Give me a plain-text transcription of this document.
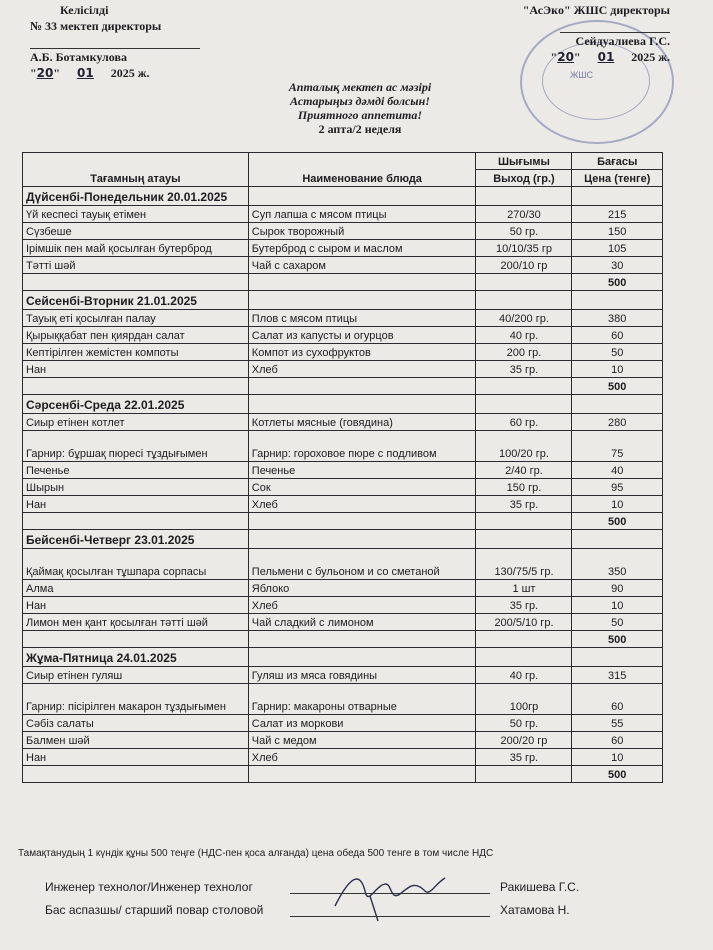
Келісілді
№ 33 мектеп директоры
А.Б. Ботамкулова
"20" 01 2025 ж.	ЖШС
"АсЭко" ЖШС директоры
Сейдуалиева Г.С.
"20" 01 2025 ж.
Апталық мектеп ас мәзірі
Астарыңыз дәмді болсын!
Приятного аппетита!
2 апта/2 неделя
Тағамның атауы	Наименование блюда	Шығымы	Бағасы
		Выход (гр.)	Цена (тенге)
Дүйсенбі-Понедельник 20.01.2025			
Үй кеспесі тауық етімен	Суп лапша с мясом птицы	270/30	215
Сүзбеше	Сырок творожный	50 гр.	150
Ірімшік пен май қосылған бутерброд	Бутерброд с сыром и маслом	10/10/35 гр	105
Тәтті шәй	Чай с сахаром	200/10 гр	30
			500
Сейсенбі-Вторник 21.01.2025			
Тауық еті қосылған палау	Плов с мясом птицы	40/200 гр.	380
Қырыққабат пен қиярдан салат	Салат из капусты и огурцов	40 гр.	60
Кептірілген жемістен компоты	Компот из сухофруктов	200 гр.	50
Нан	Хлеб	35 гр.	10
			500
Сәрсенбі-Среда 22.01.2025			
Сиыр етінен котлет	Котлеты мясные (говядина)	60 гр.	280
Гарнир: бұршақ пюресі тұздығымен	Гарнир: гороховое пюре с подливом	100/20 гр.	75
Печенье	Печенье	2/40 гр.	40
Шырын	Сок	150 гр.	95
Нан	Хлеб	35 гр.	10
			500
Бейсенбі-Четверг 23.01.2025			
Қаймақ қосылған тұшпара сорпасы	Пельмени с бульоном и со сметаной	130/75/5 гр.	350
Алма	Яблоко	1 шт	90
Нан	Хлеб	35 гр.	10
Лимон мен қант қосылған тәтті шәй	Чай сладкий с лимоном	200/5/10 гр.	50
			500
Жұма-Пятница 24.01.2025			
Сиыр етінен гуляш	Гуляш из мяса говядины	40 гр.	315
Гарнир: пісірілген макарон тұздығымен	Гарнир: макароны отварные	100гр	60
Сәбіз салаты	Салат из моркови	50 гр.	55
Балмен шәй	Чай с медом	200/20 гр	60
Нан	Хлеб	35 гр.	10
			500
Тамақтанудың 1 күндік құны 500 теңге (НДС-пен қоса алғанда) цена обеда 500 тенге в том числе НДС
Инженер технолог/Инженер технолог	Ракишева Г.С.
Бас аспазшы/ старший повар столовой	Хатамова Н.
